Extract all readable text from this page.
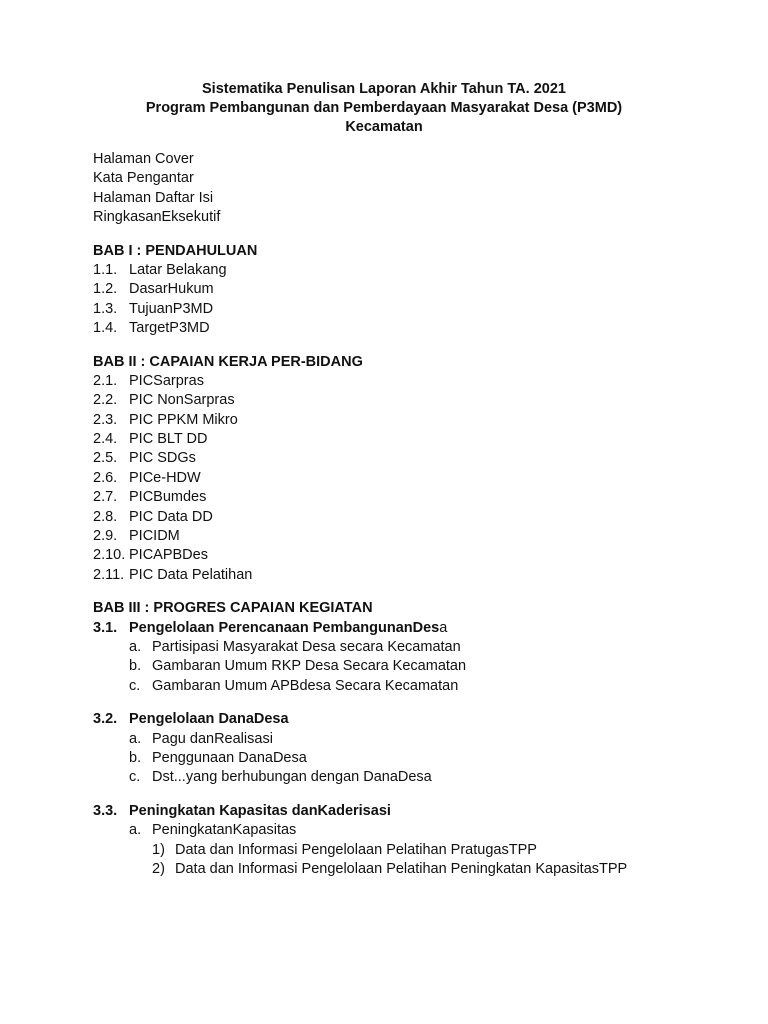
Sistematika Penulisan Laporan Akhir Tahun TA. 2021
Program Pembangunan dan Pemberdayaan Masyarakat Desa (P3MD)
Kecamatan
Halaman Cover
Kata Pengantar
Halaman Daftar Isi
RingkasanEksekutif
BAB I : PENDAHULUAN
1.1. Latar Belakang
1.2. DasarHukum
1.3. TujuanP3MD
1.4. TargetP3MD
BAB II : CAPAIAN KERJA PER-BIDANG
2.1. PICSarpras
2.2. PIC NonSarpras
2.3. PIC PPKM Mikro
2.4. PIC BLT DD
2.5. PIC SDGs
2.6. PICe-HDW
2.7. PICBumdes
2.8. PIC Data DD
2.9. PICIDM
2.10. PICAPBDes
2.11. PIC Data Pelatihan
BAB III : PROGRES CAPAIAN KEGIATAN
3.1. Pengelolaan Perencanaan PembangunanDesa
a. Partisipasi Masyarakat Desa secara Kecamatan
b. Gambaran Umum RKP Desa Secara Kecamatan
c. Gambaran Umum APBdesa Secara Kecamatan
3.2. Pengelolaan DanaDesa
a. Pagu danRealisasi
b. Penggunaan DanaDesa
c. Dst...yang berhubungan dengan DanaDesa
3.3. Peningkatan Kapasitas danKaderisasi
a. PeningkatanKapasitas
1) Data dan Informasi Pengelolaan Pelatihan PratugasTPP
2) Data dan Informasi Pengelolaan Pelatihan Peningkatan KapasitasTPP
